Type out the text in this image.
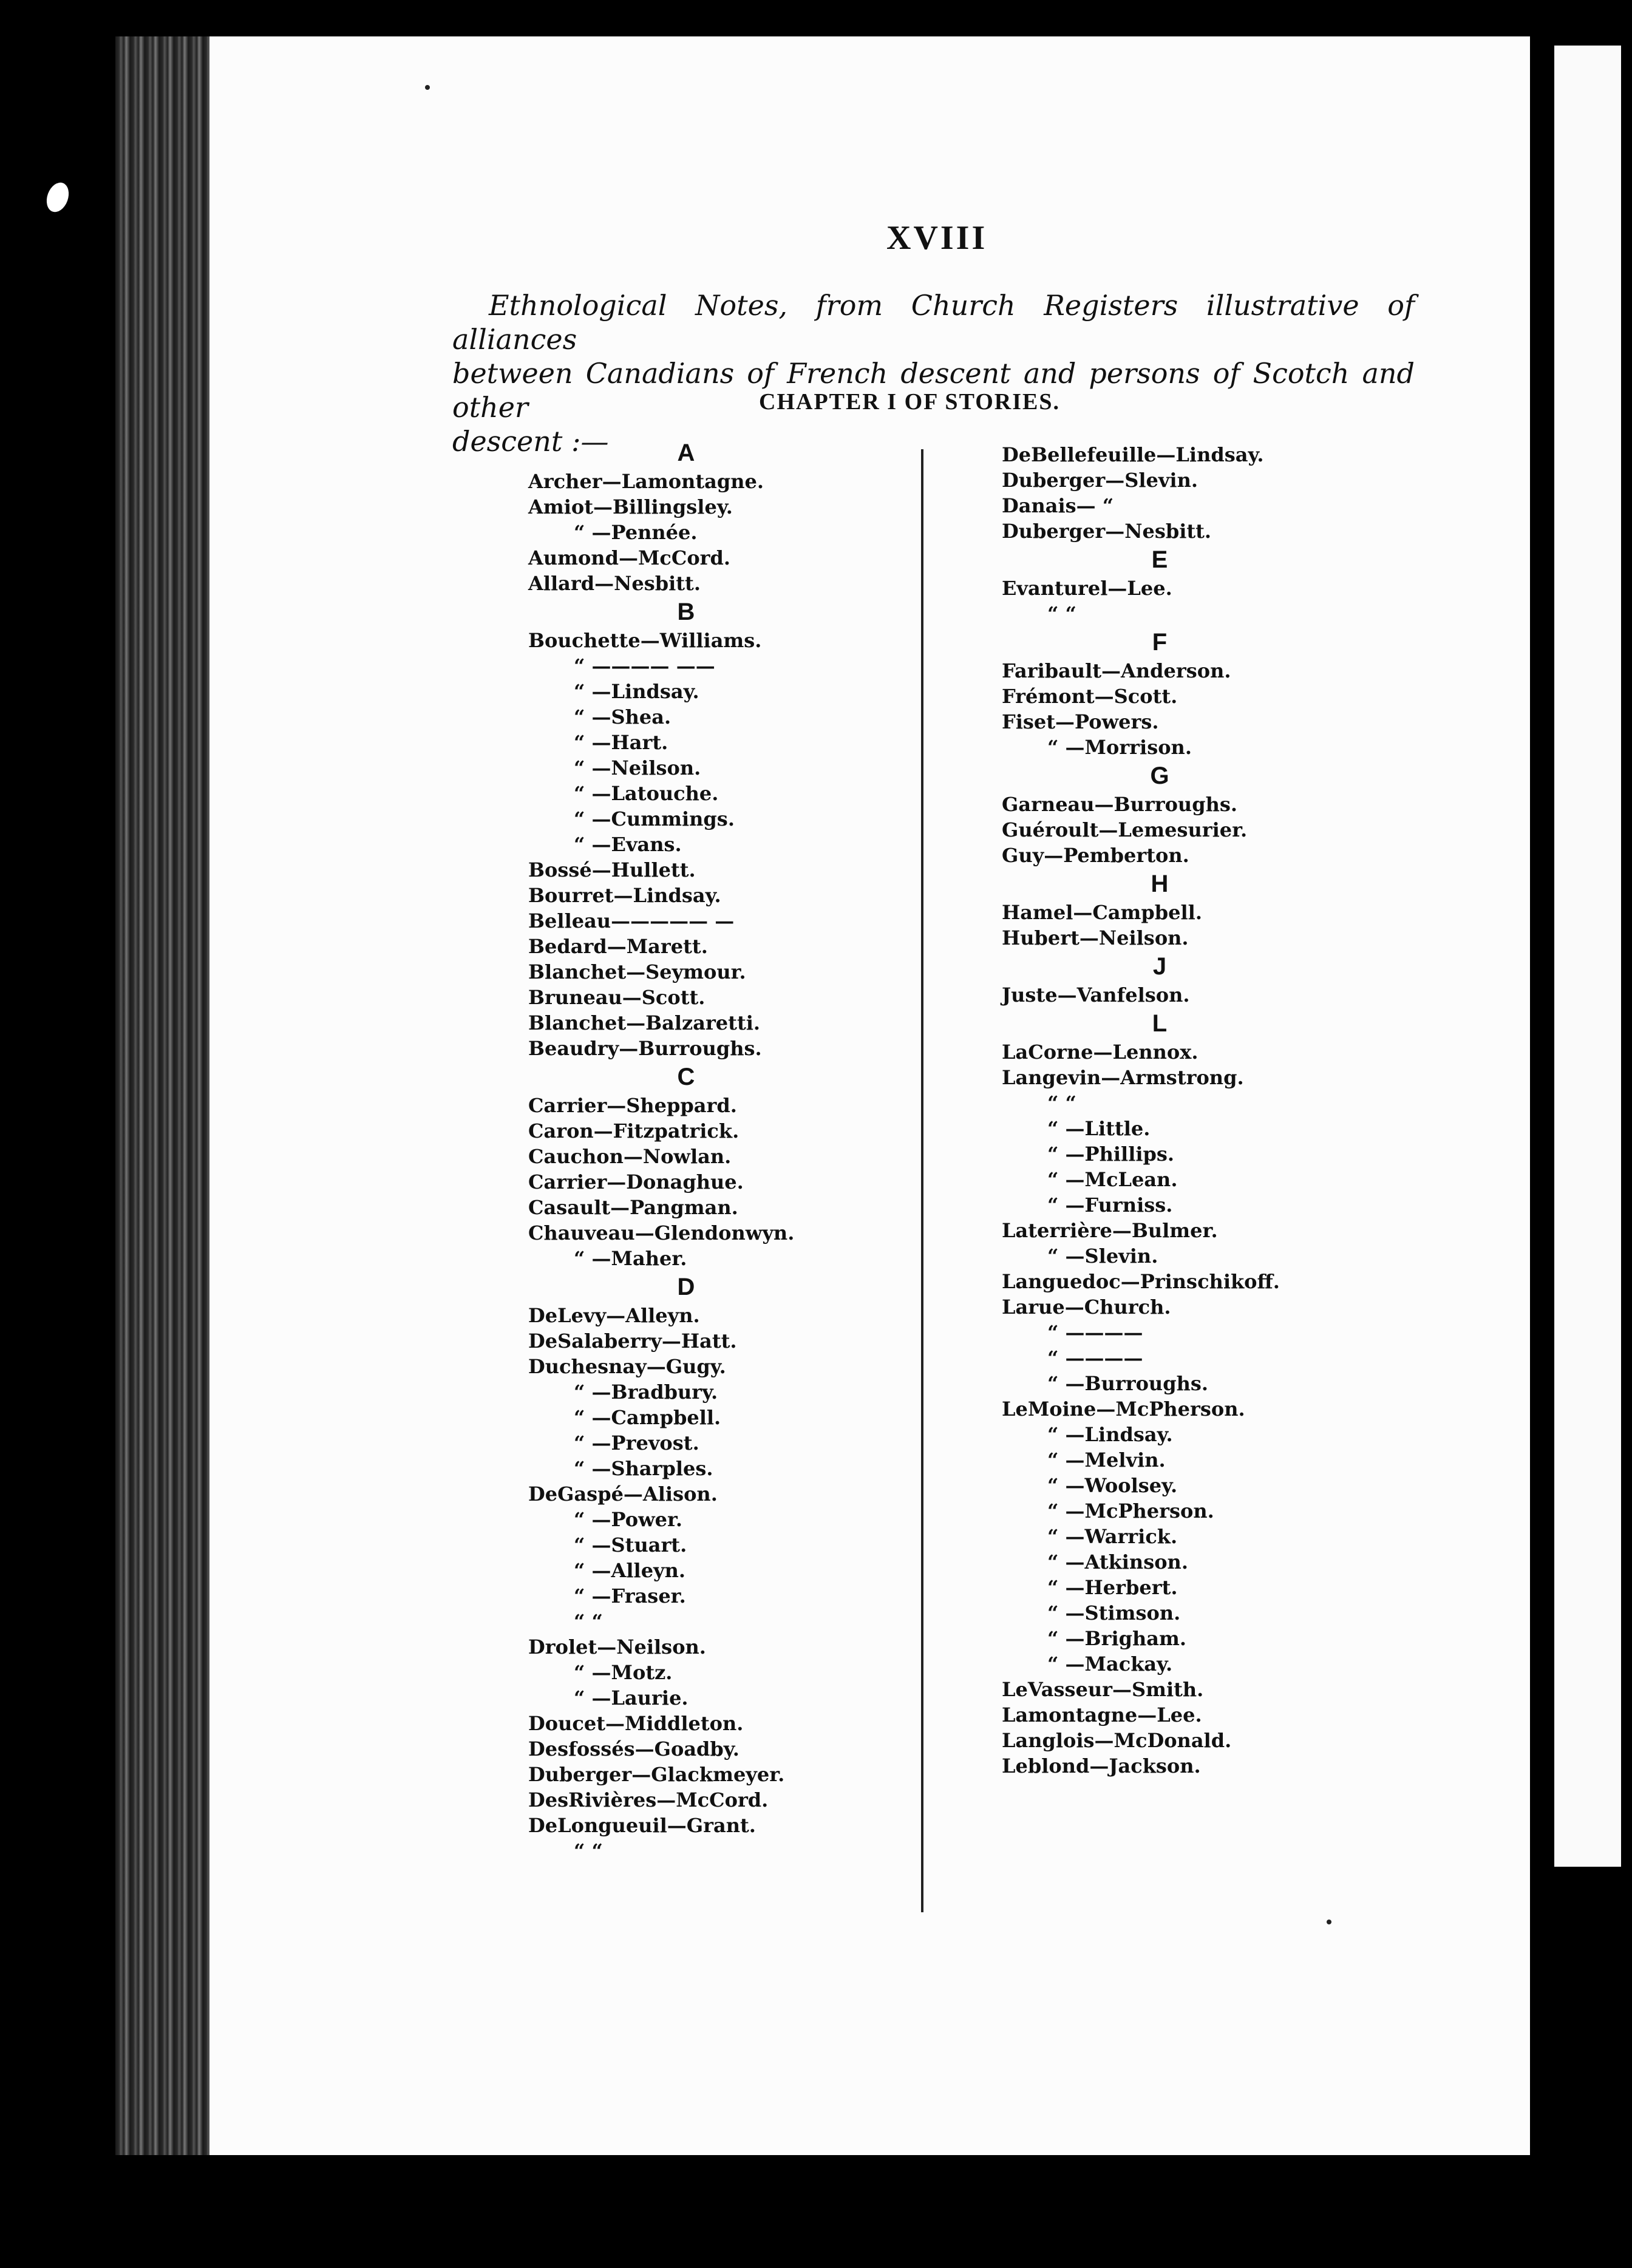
XVIII
Ethnological Notes, from Church Registers illustrative of alliances
between Canadians of French descent and persons of Scotch and other
descent :—
CHAPTER I OF STORIES.
A
Archer—Lamontagne.
Amiot—Billingsley.
“ —Pennée.
Aumond—McCord.
Allard—Nesbitt.
B
Bouchette—Williams.
“ ———— ——
“ —Lindsay.
“ —Shea.
“ —Hart.
“ —Neilson.
“ —Latouche.
“ —Cummings.
“ —Evans.
Bossé—Hullett.
Bourret—Lindsay.
Belleau————— —
Bedard—Marett.
Blanchet—Seymour.
Bruneau—Scott.
Blanchet—Balzaretti.
Beaudry—Burroughs.
C
Carrier—Sheppard.
Caron—Fitzpatrick.
Cauchon—Nowlan.
Carrier—Donaghue.
Casault—Pangman.
Chauveau—Glendonwyn.
“ —Maher.
D
DeLevy—Alleyn.
DeSalaberry—Hatt.
Duchesnay—Gugy.
“ —Bradbury.
“ —Campbell.
“ —Prevost.
“ —Sharples.
DeGaspé—Alison.
“ —Power.
“ —Stuart.
“ —Alleyn.
“ —Fraser.
“ “
Drolet—Neilson.
“ —Motz.
“ —Laurie.
Doucet—Middleton.
Desfossés—Goadby.
Duberger—Glackmeyer.
DesRivières—McCord.
DeLongueuil—Grant.
“ “
DeBellefeuille—Lindsay.
Duberger—Slevin.
Danais— “
Duberger—Nesbitt.
E
Evanturel—Lee.
“ “
F
Faribault—Anderson.
Frémont—Scott.
Fiset—Powers.
“ —Morrison.
G
Garneau—Burroughs.
Guéroult—Lemesurier.
Guy—Pemberton.
H
Hamel—Campbell.
Hubert—Neilson.
J
Juste—Vanfelson.
L
LaCorne—Lennox.
Langevin—Armstrong.
“ “
“ —Little.
“ —Phillips.
“ —McLean.
“ —Furniss.
Laterrière—Bulmer.
“ —Slevin.
Languedoc—Prinschikoff.
Larue—Church.
“ ————
“ ————
“ —Burroughs.
LeMoine—McPherson.
“ —Lindsay.
“ —Melvin.
“ —Woolsey.
“ —McPherson.
“ —Warrick.
“ —Atkinson.
“ —Herbert.
“ —Stimson.
“ —Brigham.
“ —Mackay.
LeVasseur—Smith.
Lamontagne—Lee.
Langlois—McDonald.
Leblond—Jackson.
